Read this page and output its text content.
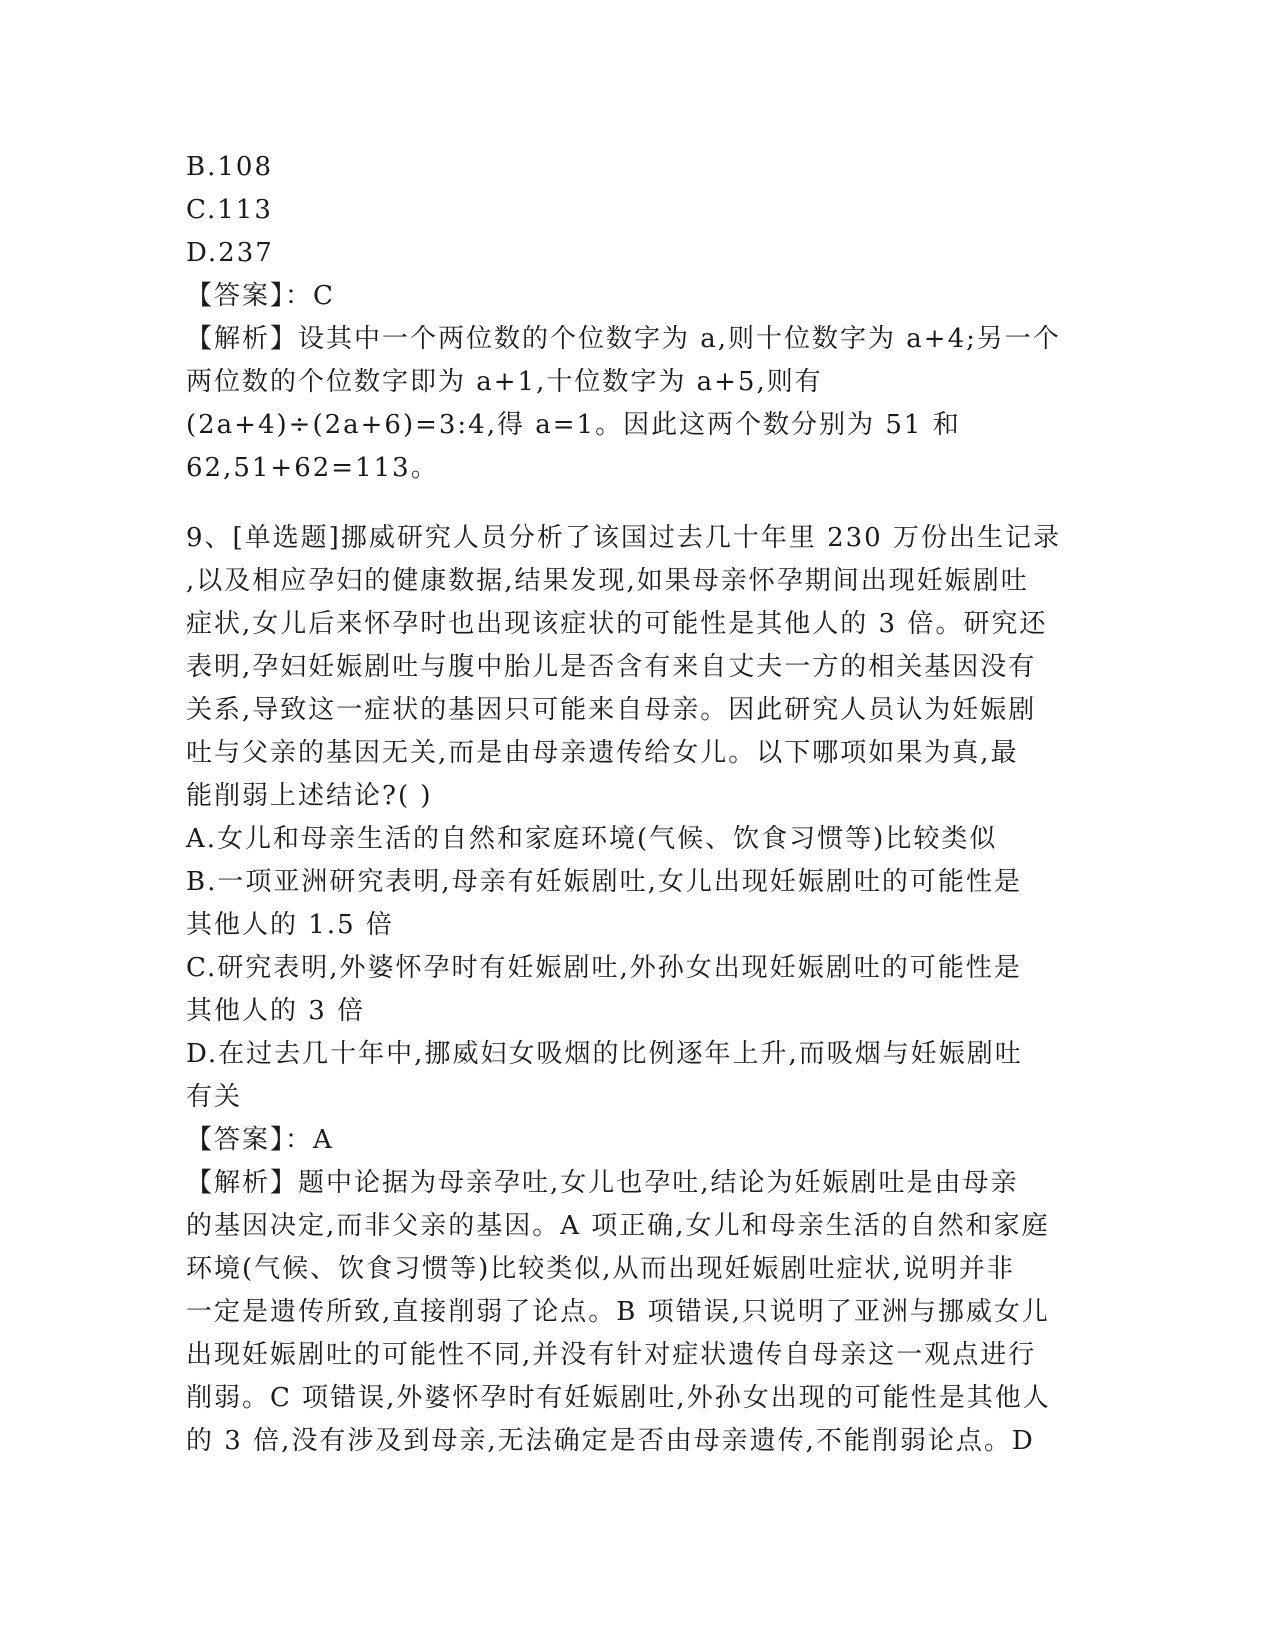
B.108
C.113
D.237
【答案】：C
【解析】设其中一个两位数的个位数字为 a,则十位数字为 a+4;另一个
两位数的个位数字即为 a+1,十位数字为 a+5,则有
(2a+4)÷(2a+6)=3:4,得 a=1。因此这两个数分别为 51 和
62,51+62=113。
9、[单选题]挪威研究人员分析了该国过去几十年里 230 万份出生记录
,以及相应孕妇的健康数据,结果发现,如果母亲怀孕期间出现妊娠剧吐
症状,女儿后来怀孕时也出现该症状的可能性是其他人的 3 倍。研究还
表明,孕妇妊娠剧吐与腹中胎儿是否含有来自丈夫一方的相关基因没有
关系,导致这一症状的基因只可能来自母亲。因此研究人员认为妊娠剧
吐与父亲的基因无关,而是由母亲遗传给女儿。以下哪项如果为真,最
能削弱上述结论?( )
A.女儿和母亲生活的自然和家庭环境(气候、饮食习惯等)比较类似
B.一项亚洲研究表明,母亲有妊娠剧吐,女儿出现妊娠剧吐的可能性是
其他人的 1.5 倍
C.研究表明,外婆怀孕时有妊娠剧吐,外孙女出现妊娠剧吐的可能性是
其他人的 3 倍
D.在过去几十年中,挪威妇女吸烟的比例逐年上升,而吸烟与妊娠剧吐
有关
【答案】：A
【解析】题中论据为母亲孕吐,女儿也孕吐,结论为妊娠剧吐是由母亲
的基因决定,而非父亲的基因。A 项正确,女儿和母亲生活的自然和家庭
环境(气候、饮食习惯等)比较类似,从而出现妊娠剧吐症状,说明并非
一定是遗传所致,直接削弱了论点。B 项错误,只说明了亚洲与挪威女儿
出现妊娠剧吐的可能性不同,并没有针对症状遗传自母亲这一观点进行
削弱。C 项错误,外婆怀孕时有妊娠剧吐,外孙女出现的可能性是其他人
的 3 倍,没有涉及到母亲,无法确定是否由母亲遗传,不能削弱论点。D
